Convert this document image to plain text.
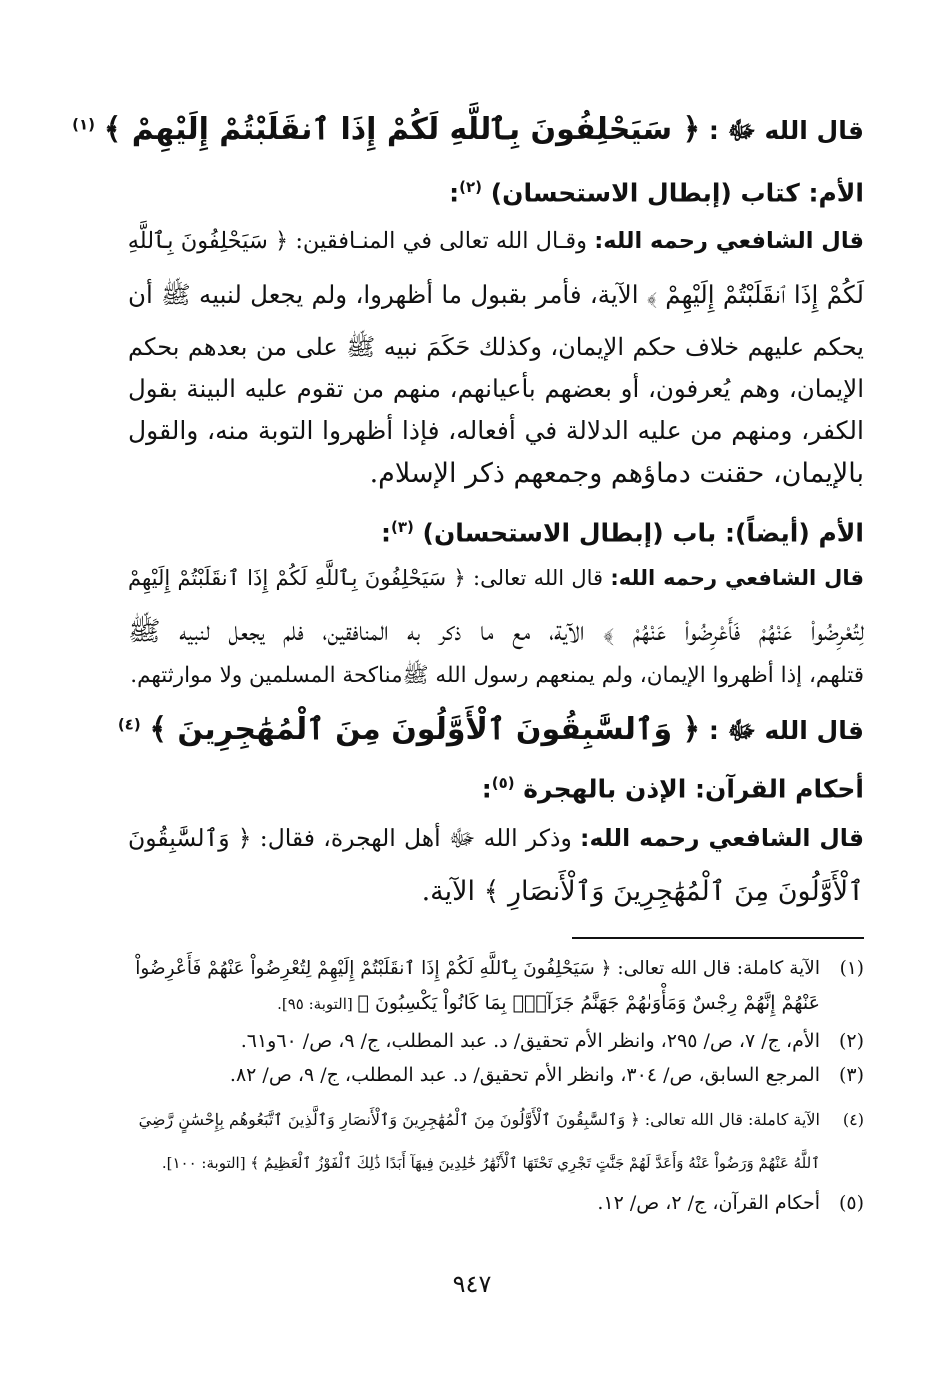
قال الله ﷻ : ﴿ سَيَحْلِفُونَ بِٱللَّهِ لَكُمْ إِذَا ٱنقَلَبْتُمْ إِلَيْهِمْ ﴾ $^{(١)}$
الأم: كتاب (إبطال الاستحسان) $^{(٢)}$:
قال الشافعي رحمه الله: وقـال الله تعالى في المنـافقين: ﴿ سَيَحْلِفُونَ بِٱللَّهِ
لَكُمْ إِذَا ٱنقَلَبْتُمْ إِلَيْهِمْ ﴾ الآية، فأمر بقبول ما أظهروا، ولم يجعل لنبيه ﷺ أن
يحكم عليهم خلاف حكم الإيمان، وكذلك حَكَمَ نبيه ﷺ على من بعدهم بحكم
الإيمان، وهم يُعرفون، أو بعضهم بأعيانهم، منهم من تقوم عليه البينة بقول
الكفر، ومنهم من عليه الدلالة في أفعاله، فإذا أظهروا التوبة منه، والقول
بالإيمان، حقنت دماؤهم وجمعهم ذكر الإسلام.
الأم (أيضاً): باب (إبطال الاستحسان) $^{(٣)}$:
قال الشافعي رحمه الله: قال الله تعالى: ﴿ سَيَحْلِفُونَ بِٱللَّهِ لَكُمْ إِذَا ٱنقَلَبْتُمْ إِلَيْهِمْ
لِتُعْرِضُواْ عَنْهُمْ فَأَعْرِضُواْ عَنْهُمْ ﴾ الآية، مع ما ذكر به المنافقين، فلم يجعل لنبيه ﷺ
قتلهم، إذا أظهروا الإيمان، ولم يمنعهم رسول الله ﷺمناكحة المسلمين ولا موارثتهم.
قال الله ﷻ : ﴿ وَٱلسَّٰبِقُونَ ٱلْأَوَّلُونَ مِنَ ٱلْمُهَٰجِرِينَ ﴾ $^{(٤)}$
أحكام القرآن: الإذن بالهجرة $^{(٥)}$:
قال الشافعي رحمه الله: وذكر الله ﷻ أهل الهجرة، فقال: ﴿ وَٱلسَّٰبِقُونَ
ٱلْأَوَّلُونَ مِنَ ٱلْمُهَٰجِرِينَ وَٱلْأَنصَارِ ﴾ الآية.
(١)الآية كاملة: قال الله تعالى: ﴿ سَيَحْلِفُونَ بِٱللَّهِ لَكُمْ إِذَا ٱنقَلَبْتُمْ إِلَيْهِمْ لِتُعْرِضُواْ عَنْهُمْ فَأَعْرِضُواْ
عَنْهُمْ إِنَّهُمْ رِجْسٌ وَمَأْوَىٰهُمْ جَهَنَّمُ جَزَآءًۢ بِمَا كَانُواْ يَكْسِبُونَ ﴾ [التوبة: ٩٥].
(٢)الأم، ج/ ٧، ص/ ٢٩٥، وانظر الأم تحقيق/ د. عبد المطلب، ج/ ٩، ص/ ٦٠و٦١.
(٣)المرجع السابق، ص/ ٣٠٤، وانظر الأم تحقيق/ د. عبد المطلب، ج/ ٩، ص/ ٨٢.
(٤)الآية كاملة: قال الله تعالى: ﴿ وَٱلسَّٰبِقُونَ ٱلْأَوَّلُونَ مِنَ ٱلْمُهَٰجِرِينَ وَٱلْأَنصَارِ وَٱلَّذِينَ ٱتَّبَعُوهُم بِإِحْسَٰنٍ رَّضِيَ
ٱللَّهُ عَنْهُمْ وَرَضُواْ عَنْهُ وَأَعَدَّ لَهُمْ جَنَّٰتٍ تَجْرِي تَحْتَهَا ٱلْأَنْهَٰرُ خَٰلِدِينَ فِيهَآ أَبَدًا ذَٰلِكَ ٱلْفَوْزُ ٱلْعَظِيمُ ﴾ [التوبة: ١٠٠].
(٥)أحكام القرآن، ج/ ٢، ص/ ١٢.
٩٤٧
